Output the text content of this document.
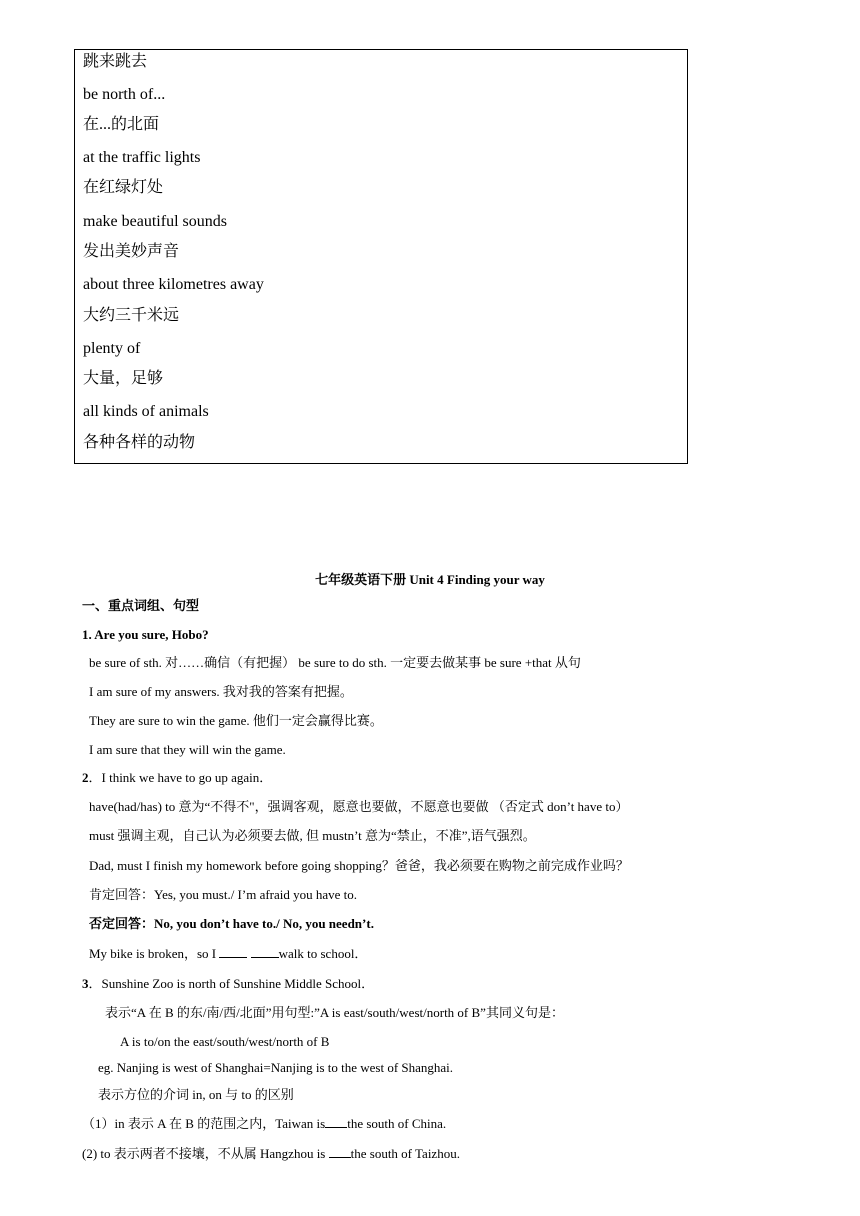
跳来跳去
be north of...
在...的北面
at the traffic lights
在红绿灯处
make beautiful sounds
发出美妙声音
about three kilometres away
大约三千米远
plenty of
大量，足够
all kinds of animals
各种各样的动物
七年级英语下册 Unit 4 Finding your way
一、重点词组、句型
1. Are you sure, Hobo?
be sure of sth. 对……确信（有把握） be sure to do sth. 一定要去做某事 be sure +that 从句
I am sure of my answers. 我对我的答案有把握。
They are sure to win the game. 他们一定会赢得比赛。
I am sure that they will win the game.
2．I think we have to go up again．
have(had/has) to 意为“不得不"，强调客观，愿意也要做，不愿意也要做 （否定式 don’t have to）
must 强调主观，自己认为必须要去做, 但 mustn’t 意为“禁止，不准”,语气强烈。
Dad, must I finish my homework before going shopping？爸爸，我必须要在购物之前完成作业吗？
肯定回答：Yes, you must./ I’m afraid you have to.
否定回答：No, you don’t have to./ No, you needn’t.
My bike is broken，so I	walk to school．
3．Sunshine Zoo is north of Sunshine Middle School．
表示“A 在 B 的东/南/西/北面”用句型:”A is east/south/west/north of B”其同义句是：
A is to/on the east/south/west/north of B
eg. Nanjing is west of Shanghai=Nanjing is to the west of Shanghai.
表示方位的介词 in, on 与 to 的区别
（1）in 表示 A 在 B 的范围之内，Taiwan is the south of China.
(2) to 表示两者不接壤，不从属 Hangzhou is the south of Taizhou.
